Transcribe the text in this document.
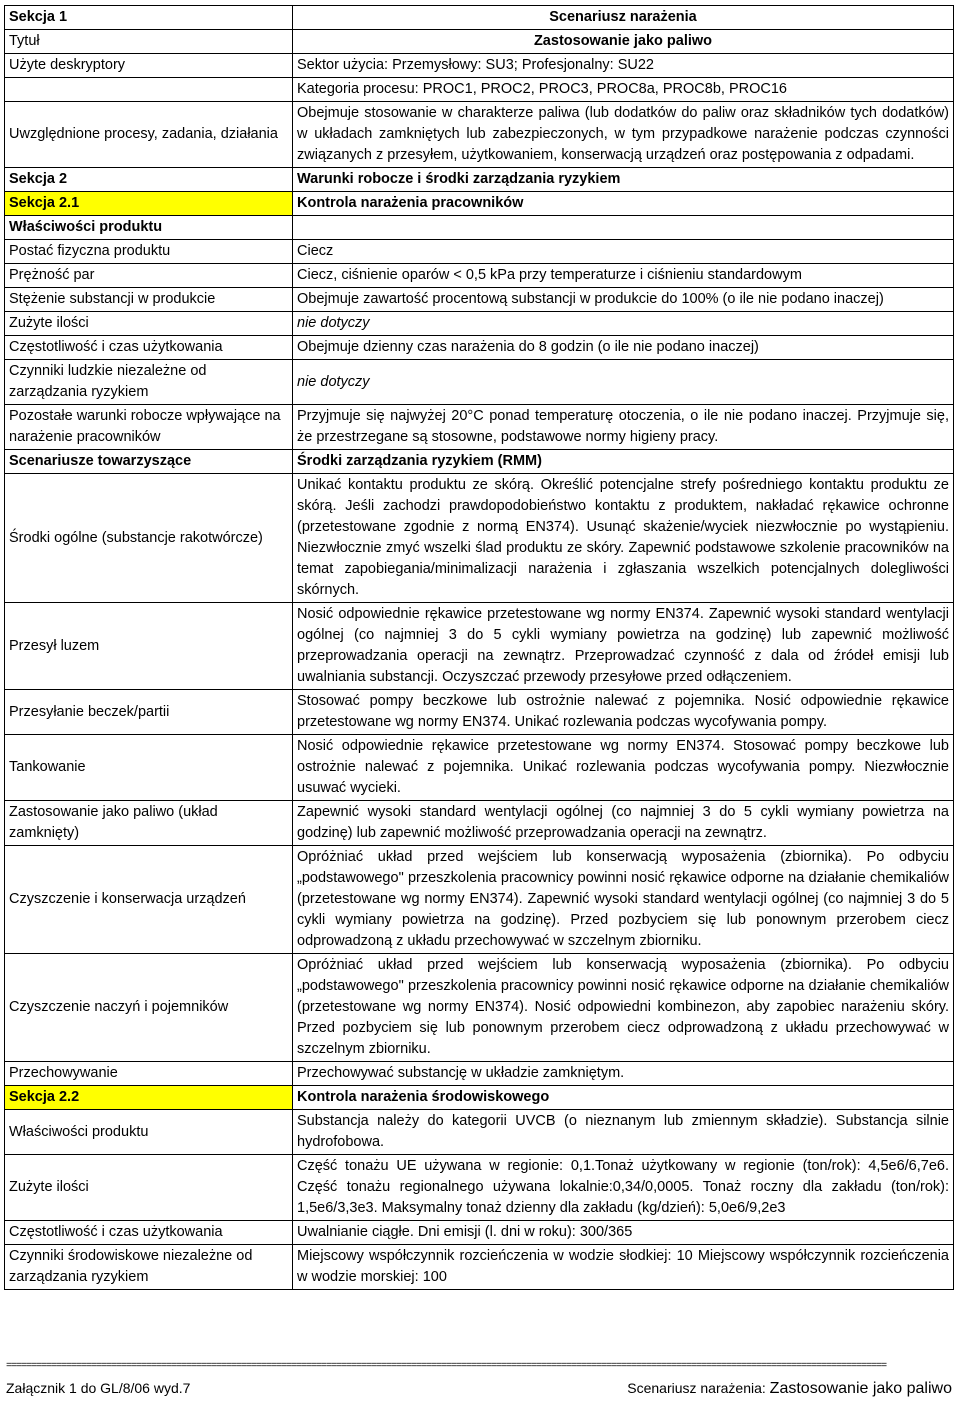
Sekcja 1	Scenariusz narażenia
Tytuł	Zastosowanie jako paliwo
Użyte deskryptory	Sektor użycia: Przemysłowy: SU3; Profesjonalny: SU22
	Kategoria procesu: PROC1, PROC2, PROC3, PROC8a, PROC8b, PROC16
Uwzględnione procesy, zadania, działania	Obejmuje stosowanie w charakterze paliwa (lub dodatków do paliw oraz składników tych dodatków) w układach zamkniętych lub zabezpieczonych, w tym przypadkowe narażenie podczas czynności związanych z przesyłem, użytkowaniem, konserwacją urządzeń oraz postępowania z odpadami.
Sekcja 2	Warunki robocze i środki zarządzania ryzykiem
Sekcja 2.1	Kontrola narażenia pracowników
Właściwości produktu	
Postać fizyczna produktu	Ciecz
Prężność par	Ciecz, ciśnienie oparów < 0,5 kPa przy temperaturze i ciśnieniu standardowym
Stężenie substancji w produkcie	Obejmuje zawartość procentową substancji w produkcie do 100% (o ile nie podano inaczej)
Zużyte ilości	nie dotyczy
Częstotliwość i czas użytkowania	Obejmuje dzienny czas narażenia do 8 godzin (o ile nie podano inaczej)
Czynniki ludzkie niezależne od zarządzania ryzykiem	nie dotyczy
Pozostałe warunki robocze wpływające na narażenie pracowników	Przyjmuje się najwyżej 20°C ponad temperaturę otoczenia, o ile nie podano inaczej. Przyjmuje się, że przestrzegane są stosowne, podstawowe normy higieny pracy.
Scenariusze towarzyszące	Środki zarządzania ryzykiem (RMM)
Środki ogólne (substancje rakotwórcze)	Unikać kontaktu produktu ze skórą. Określić potencjalne strefy pośredniego kontaktu produktu ze skórą. Jeśli zachodzi prawdopodobieństwo kontaktu z produktem, nakładać rękawice ochronne (przetestowane zgodnie z normą EN374). Usunąć skażenie/wyciek niezwłocznie po wystąpieniu. Niezwłocznie zmyć wszelki ślad produktu ze skóry. Zapewnić podstawowe szkolenie pracowników na temat zapobiegania/minimalizacji narażenia i zgłaszania wszelkich potencjalnych dolegliwości skórnych.
Przesył luzem	Nosić odpowiednie rękawice przetestowane wg normy EN374. Zapewnić wysoki standard wentylacji ogólnej (co najmniej 3 do 5 cykli wymiany powietrza na godzinę) lub zapewnić możliwość przeprowadzania operacji na zewnątrz. Przeprowadzać czynność z dala od źródeł emisji lub uwalniania substancji. Oczyszczać przewody przesyłowe przed odłączeniem.
Przesyłanie beczek/partii	Stosować pompy beczkowe lub ostrożnie nalewać z pojemnika. Nosić odpowiednie rękawice przetestowane wg normy EN374. Unikać rozlewania podczas wycofywania pompy.
Tankowanie	Nosić odpowiednie rękawice przetestowane wg normy EN374. Stosować pompy beczkowe lub ostrożnie nalewać z pojemnika. Unikać rozlewania podczas wycofywania pompy. Niezwłocznie usuwać wycieki.
Zastosowanie jako paliwo (układ zamknięty)	Zapewnić wysoki standard wentylacji ogólnej (co najmniej 3 do 5 cykli wymiany powietrza na godzinę) lub zapewnić możliwość przeprowadzania operacji na zewnątrz.
Czyszczenie i konserwacja urządzeń	Opróżniać układ przed wejściem lub konserwacją wyposażenia (zbiornika). Po odbyciu „podstawowego" przeszkolenia pracownicy powinni nosić rękawice odporne na działanie chemikaliów (przetestowane wg normy EN374). Zapewnić wysoki standard wentylacji ogólnej (co najmniej 3 do 5 cykli wymiany powietrza na godzinę). Przed pozbyciem się lub ponownym przerobem ciecz odprowadzoną z układu przechowywać w szczelnym zbiorniku.
Czyszczenie naczyń i pojemników	Opróżniać układ przed wejściem lub konserwacją wyposażenia (zbiornika). Po odbyciu „podstawowego" przeszkolenia pracownicy powinni nosić rękawice odporne na działanie chemikaliów (przetestowane wg normy EN374). Nosić odpowiedni kombinezon, aby zapobiec narażeniu skóry. Przed pozbyciem się lub ponownym przerobem ciecz odprowadzoną z układu przechowywać w szczelnym zbiorniku.
Przechowywanie	Przechowywać substancję w układzie zamkniętym.
Sekcja 2.2	Kontrola narażenia środowiskowego
Właściwości produktu	Substancja należy do kategorii UVCB (o nieznanym lub zmiennym składzie). Substancja silnie hydrofobowa.
Zużyte ilości	Część tonażu UE używana w regionie: 0,1.Tonaż użytkowany w regionie (ton/rok): 4,5e6/6,7e6. Część tonażu regionalnego używana lokalnie:0,34/0,0005. Tonaż roczny dla zakładu (ton/rok): 1,5e6/3,3e3. Maksymalny tonaż dzienny dla zakładu (kg/dzień): 5,0e6/9,2e3
Częstotliwość i czas użytkowania	Uwalnianie ciągłe. Dni emisji (l. dni w roku): 300/365
Czynniki środowiskowe niezależne od zarządzania ryzykiem	Miejscowy współczynnik rozcieńczenia w wodzie słodkiej: 10 Miejscowy współczynnik rozcieńczenia w wodzie morskiej: 100
=====
Załącznik 1 do GL/8/06 wyd.7	Scenariusz narażenia: Zastosowanie jako paliwo
